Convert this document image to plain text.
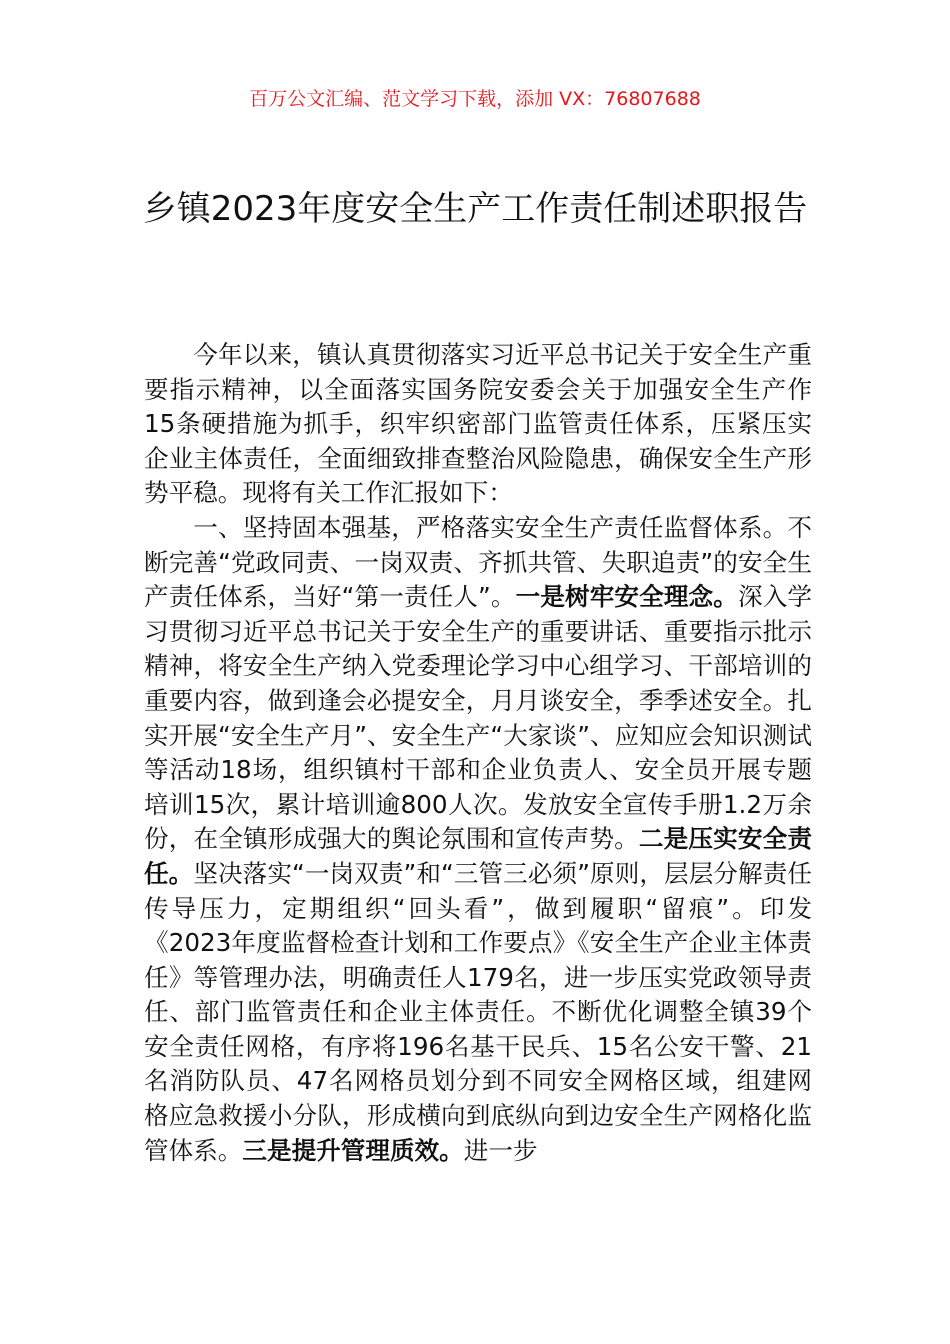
百万公文汇编、范文学习下载，添加 VX：76807688
乡镇2023年度安全生产工作责任制述职报告

今年以来，镇认真贯彻落实习近平总书记关于安全生产重要指示精神，以全面落实国务院安委会关于加强安全生产作15条硬措施为抓手，织牢织密部门监管责任体系，压紧压实企业主体责任，全面细致排查整治风险隐患，确保安全生产形势平稳。现将有关工作汇报如下：

一、坚持固本强基，严格落实安全生产责任监督体系。不断完善“党政同责、一岗双责、齐抓共管、失职追责”的安全生产责任体系，当好“第一责任人”。一是树牢安全理念。深入学习贯彻习近平总书记关于安全生产的重要讲话、重要指示批示精神，将安全生产纳入党委理论学习中心组学习、干部培训的重要内容，做到逢会必提安全，月月谈安全，季季述安全。扎实开展“安全生产月”、安全生产“大家谈”、应知应会知识测试等活动18场，组织镇村干部和企业负责人、安全员开展专题培训15次，累计培训逾800人次。发放安全宣传手册1.2万余份，在全镇形成强大的舆论氛围和宣传声势。二是压实安全责任。坚决落实“一岗双责”和“三管三必须”原则，层层分解责任传导压力，定期组织“回头看”，做到履职“留痕”。印发《2023年度监督检查计划和工作要点》《安全生产企业主体责任》等管理办法，明确责任人179名，进一步压实党政领导责任、部门监管责任和企业主体责任。不断优化调整全镇39个安全责任网格，有序将196名基干民兵、15名公安干警、21名消防队员、47名网格员划分到不同安全网格区域，组建网格应急救援小分队，形成横向到底纵向到边安全生产网格化监管体系。三是提升管理质效。进一步
